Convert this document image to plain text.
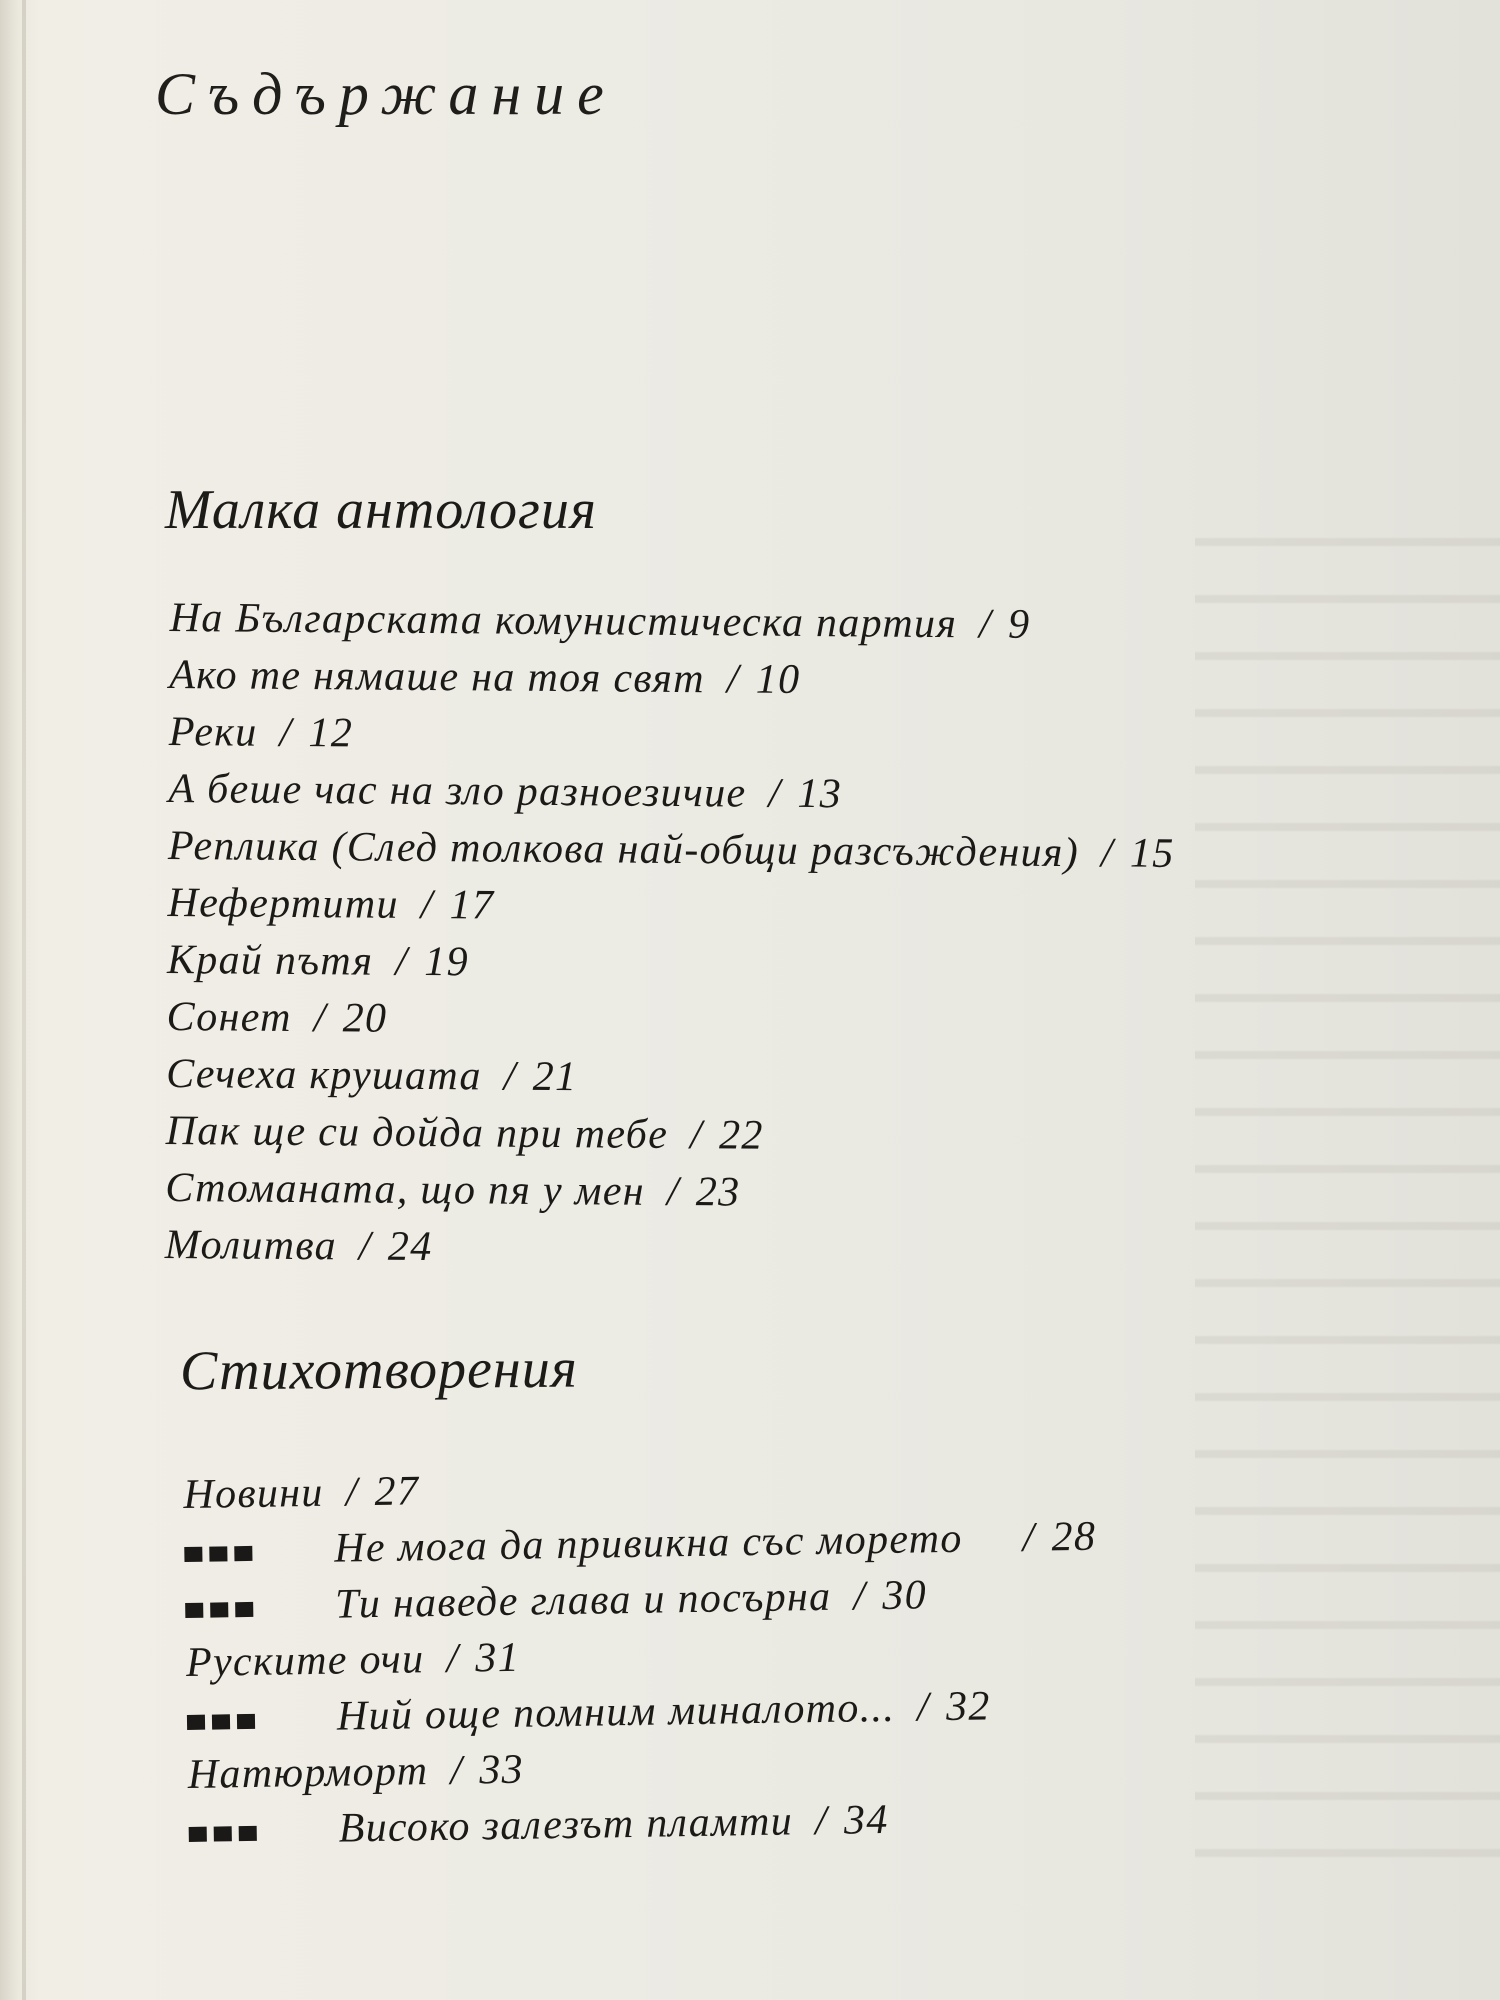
Съдържание
Малка антология
На Българската комунистическа партия / 9
Ако те нямаше на тоя свят / 10
Реки / 12
А беше час на зло разноезичие / 13
Реплика (След толкова най-общи разсъждения) / 15
Нефертити / 17
Край пътя / 19
Сонет / 20
Сечеха крушата / 21
Пак ще си дойда при тебе / 22
Стоманата, що пя у мен / 23
Молитва / 24
Стихотворения
Новини / 27
Не мога да привикна със морето / 28
Ти наведе глава и посърна / 30
Руските очи / 31
Ний още помним миналото... / 32
Натюрморт / 33
Високо залезът пламти / 34
